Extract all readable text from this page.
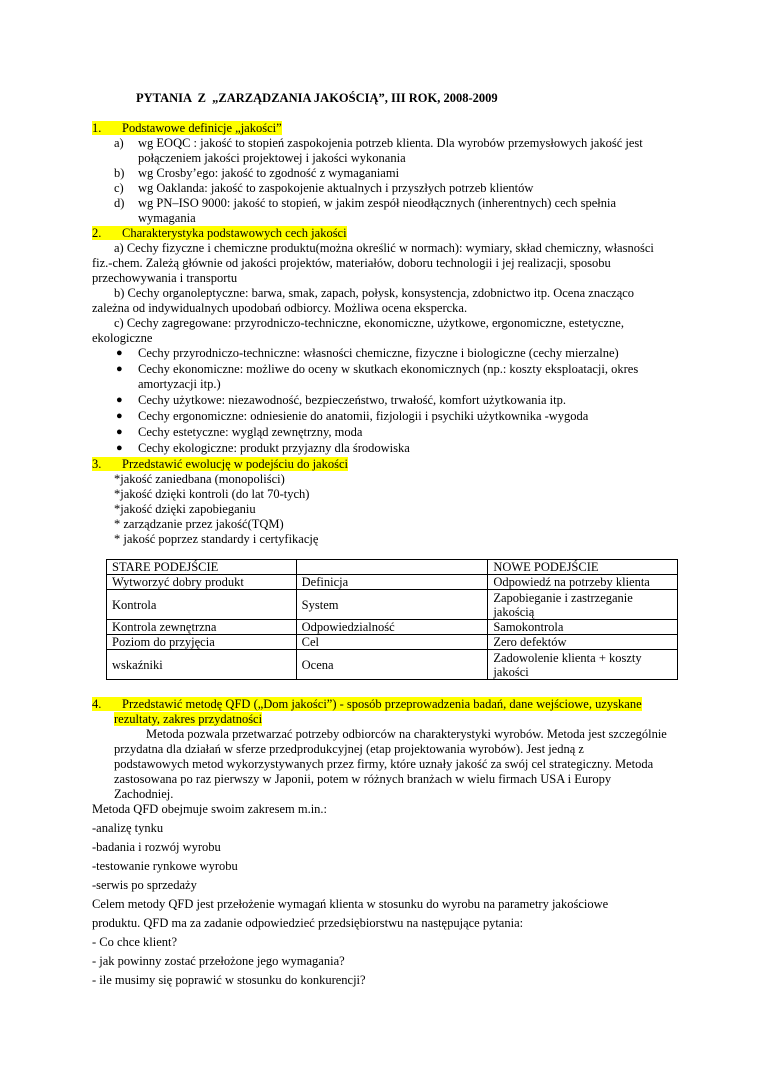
PYTANIA  Z  „ZARZĄDZANIA JAKOŚCIĄ”, III ROK, 2008-2009
1. Podstawowe definicje „jakości”
a) wg EOQC : jakość to stopień zaspokojenia potrzeb klienta. Dla wyrobów przemysłowych jakość jest
połączeniem jakości projektowej i jakości wykonania
b) wg Crosby’ego: jakość to zgodność z wymaganiami
c) wg Oaklanda: jakość to zaspokojenie aktualnych i przyszłych potrzeb klientów
d) wg PN–ISO 9000: jakość to stopień, w jakim zespół nieodłącznych (inherentnych) cech spełnia
wymagania
2. Charakterystyka podstawowych cech jakości
a) Cechy fizyczne i chemiczne produktu(można określić w normach): wymiary, skład chemiczny, własności
fiz.-chem. Zależą głównie od jakości projektów, materiałów, doboru technologii i jej realizacji, sposobu
przechowywania i transportu
b) Cechy organoleptyczne: barwa, smak, zapach, połysk, konsystencja, zdobnictwo itp. Ocena znacząco
zależna od indywidualnych upodobań odbiorcy. Możliwa ocena ekspercka.
c) Cechy zagregowane: przyrodniczo-techniczne, ekonomiczne, użytkowe, ergonomiczne, estetyczne,
ekologiczne
● Cechy przyrodniczo-techniczne: własności chemiczne, fizyczne i biologiczne (cechy mierzalne)
● Cechy ekonomiczne: możliwe do oceny w skutkach ekonomicznych (np.: koszty eksploatacji, okres
amortyzacji itp.)
● Cechy użytkowe: niezawodność, bezpieczeństwo, trwałość, komfort użytkowania itp.
● Cechy ergonomiczne: odniesienie do anatomii, fizjologii i psychiki użytkownika -wygoda
● Cechy estetyczne: wygląd zewnętrzny, moda
● Cechy ekologiczne: produkt przyjazny dla środowiska
3. Przedstawić ewolucję w podejściu do jakości
*jakość zaniedbana (monopoliści)
*jakość dzięki kontroli (do lat 70-tych)
*jakość dzięki zapobieganiu
* zarządzanie przez jakość(TQM)
* jakość poprzez standardy i certyfikację
STARE PODEJŚCIE		NOWE PODEJŚCIE
Wytworzyć dobry produkt	Definicja	Odpowiedź na potrzeby klienta
Kontrola	System	Zapobieganie i zastrzeganie jakością
Kontrola zewnętrzna	Odpowiedzialność	Samokontrola
Poziom do przyjęcia	Cel	Zero defektów
wskaźniki	Ocena	Zadowolenie klienta + koszty jakości
4. Przedstawić metodę QFD („Dom jakości”) - sposób przeprowadzenia badań, dane wejściowe, uzyskane
rezultaty, zakres przydatności
Metoda pozwala przetwarzać potrzeby odbiorców na charakterystyki wyrobów. Metoda jest szczególnie
przydatna dla działań w sferze przedprodukcyjnej (etap projektowania wyrobów). Jest jedną z
podstawowych metod wykorzystywanych przez firmy, które uznały jakość za swój cel strategiczny. Metoda
zastosowana po raz pierwszy w Japonii, potem w różnych branżach w wielu firmach USA i Europy
Zachodniej.
Metoda QFD obejmuje swoim zakresem m.in.:
-analizę tynku
-badania i rozwój wyrobu
-testowanie rynkowe wyrobu
-serwis po sprzedaży
Celem metody QFD jest przełożenie wymagań klienta w stosunku do wyrobu na parametry jakościowe
produktu. QFD ma za zadanie odpowiedzieć przedsiębiorstwu na następujące pytania:
- Co chce klient?
- jak powinny zostać przełożone jego wymagania?
- ile musimy się poprawić w stosunku do konkurencji?
